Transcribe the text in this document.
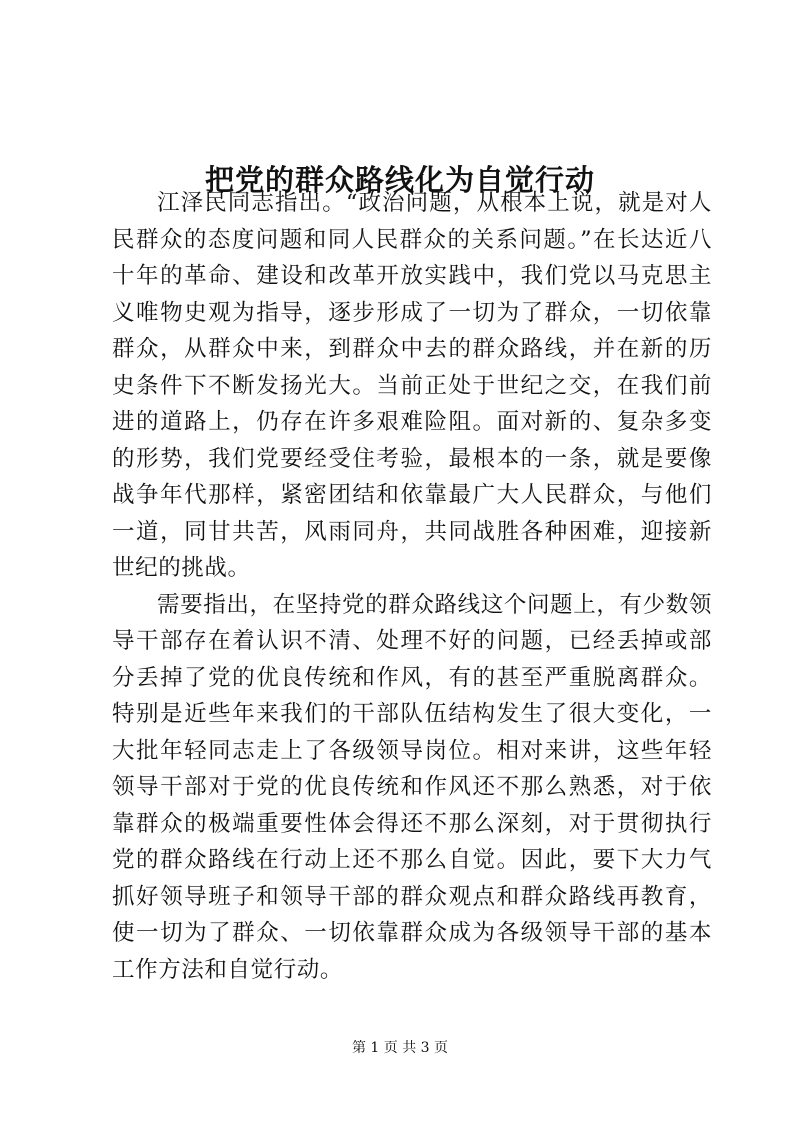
把党的群众路线化为自觉行动

江泽民同志指出。“政治问题，从根本上说，就是对人民群众的态度问题和同人民群众的关系问题。”在长达近八十年的革命、建设和改革开放实践中，我们党以马克思主义唯物史观为指导，逐步形成了一切为了群众，一切依靠群众，从群众中来，到群众中去的群众路线，并在新的历史条件下不断发扬光大。当前正处于世纪之交，在我们前进的道路上，仍存在许多艰难险阻。面对新的、复杂多变的形势，我们党要经受住考验，最根本的一条，就是要像战争年代那样，紧密团结和依靠最广大人民群众，与他们一道，同甘共苦，风雨同舟，共同战胜各种困难，迎接新世纪的挑战。

需要指出，在坚持党的群众路线这个问题上，有少数领导干部存在着认识不清、处理不好的问题，已经丢掉或部分丢掉了党的优良传统和作风，有的甚至严重脱离群众。特别是近些年来我们的干部队伍结构发生了很大变化，一大批年轻同志走上了各级领导岗位。相对来讲，这些年轻领导干部对于党的优良传统和作风还不那么熟悉，对于依靠群众的极端重要性体会得还不那么深刻，对于贯彻执行党的群众路线在行动上还不那么自觉。因此，要下大力气抓好领导班子和领导干部的群众观点和群众路线再教育，使一切为了群众、一切依靠群众成为各级领导干部的基本工作方法和自觉行动。

第 1 页 共 3 页
